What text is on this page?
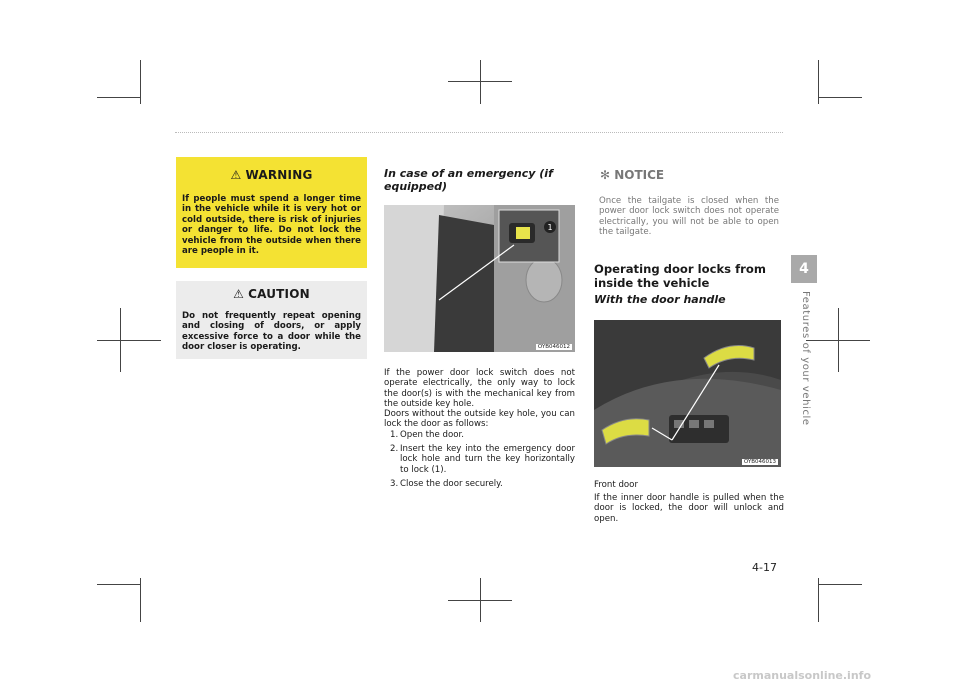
⚠ WARNING
If people must spend a longer time in the vehicle while it is very hot or cold outside, there is risk of injuries or danger to life. Do not lock the vehicle from the outside when there are people in it.
⚠ CAUTION
Do not frequently repeat opening and closing of doors, or apply excessive force to a door while the door closer is operating.
In case of an emergency (if equipped)
1
OYB046012
If the power door lock switch does not operate electrically, the only way to lock the door(s) is with the mechanical key from the outside key hole.
Doors without the outside key hole, you can lock the door as follows:
1. Open the door.
2. Insert the key into the emergency door lock hole and turn the key horizontally to lock (1).
3. Close the door securely.
✻ NOTICE
Once the tailgate is closed when the power door lock switch does not operate electrically, you will not be able to open the tailgate.
Operating door locks from inside the vehicle
With the door handle
OYB046013
Front door
If the inner door handle is pulled when the door is locked, the door will unlock and open.
4
Features of your vehicle
4-17
carmanualsonline.info
